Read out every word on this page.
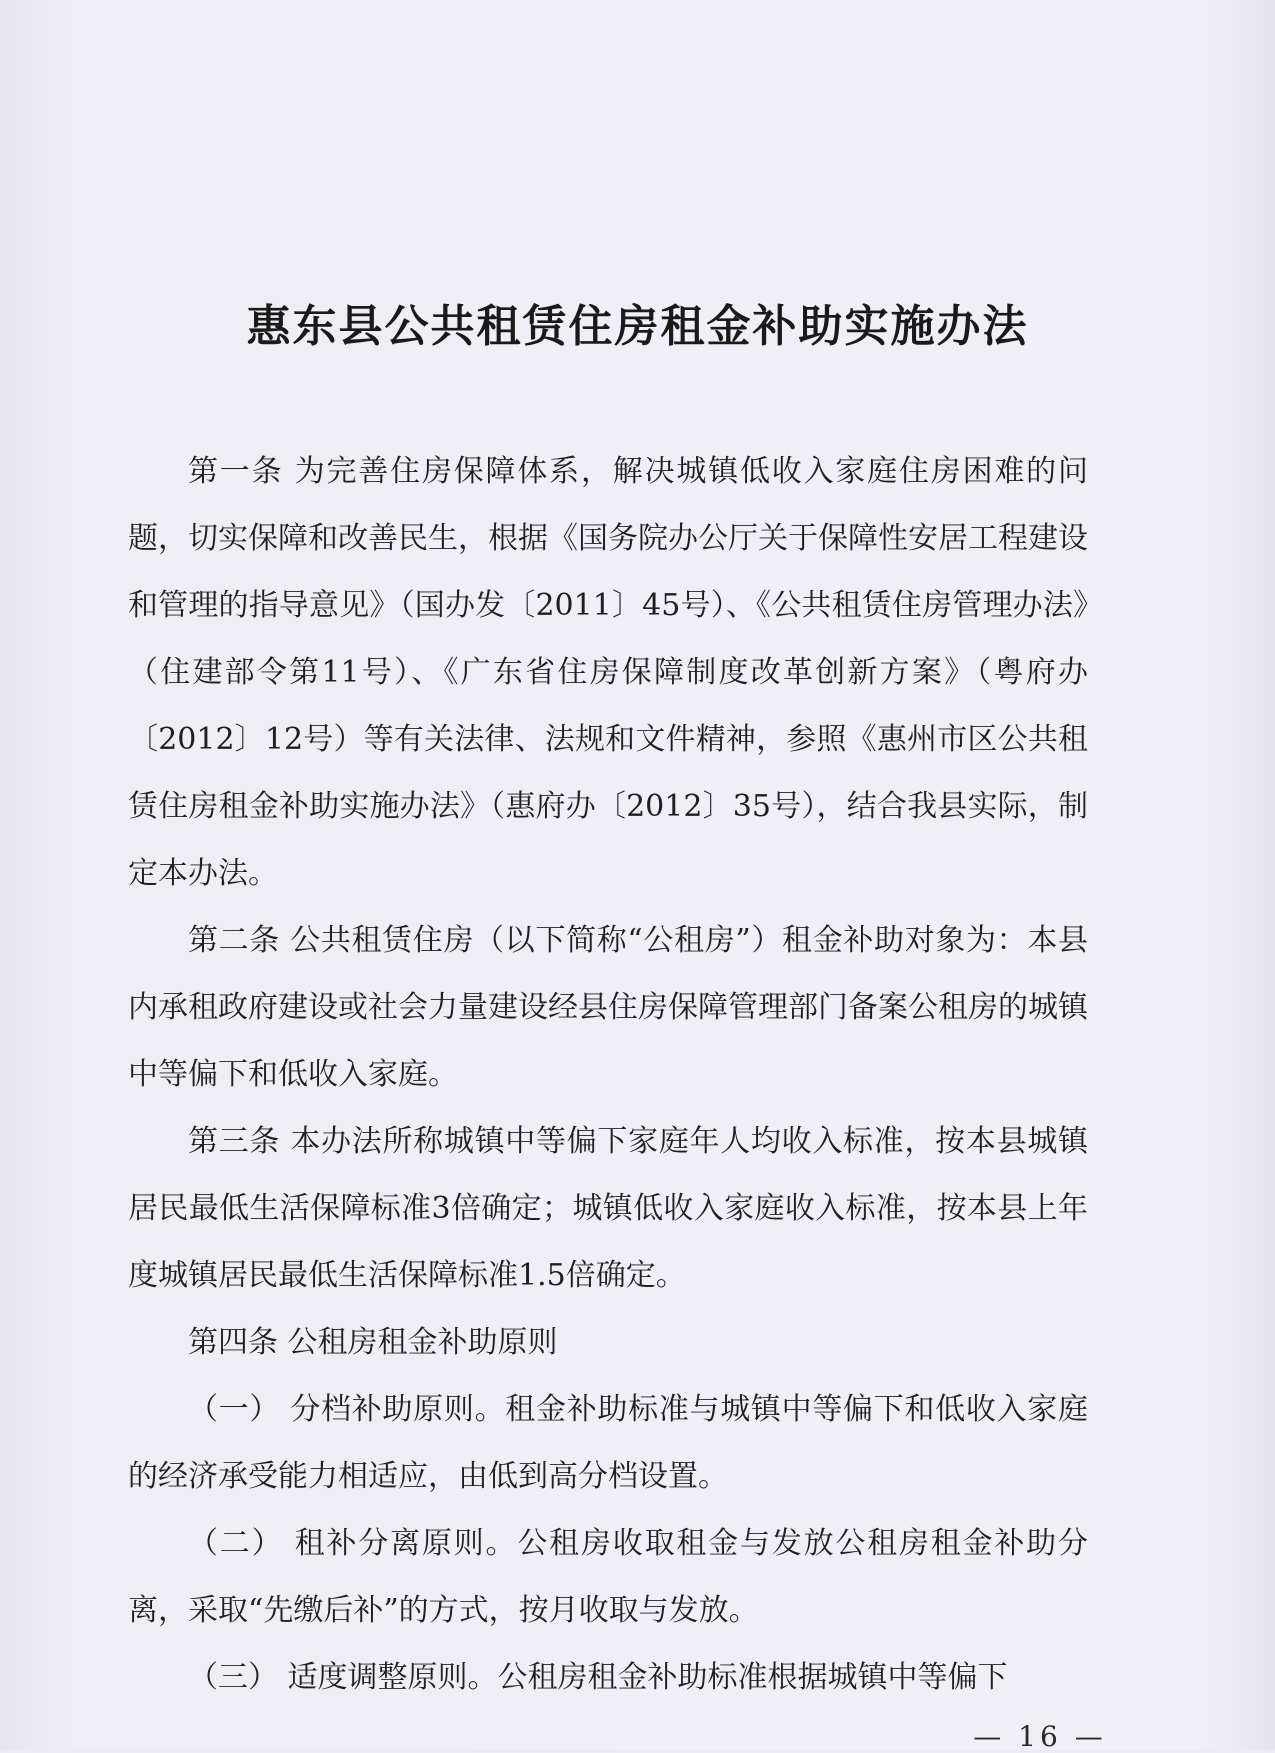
惠东县公共租赁住房租金补助实施办法

第一条 为完善住房保障体系，解决城镇低收入家庭住房困难的问题，切实保障和改善民生，根据《国务院办公厅关于保障性安居工程建设和管理的指导意见》（国办发〔2011〕45号）、《公共租赁住房管理办法》（住建部令第11号）、《广东省住房保障制度改革创新方案》（粤府办〔2012〕12号）等有关法律、法规和文件精神，参照《惠州市区公共租赁住房租金补助实施办法》（惠府办〔2012〕35号），结合我县实际，制定本办法。

第二条 公共租赁住房（以下简称“公租房”）租金补助对象为：本县内承租政府建设或社会力量建设经县住房保障管理部门备案公租房的城镇中等偏下和低收入家庭。

第三条 本办法所称城镇中等偏下家庭年人均收入标准，按本县城镇居民最低生活保障标准3倍确定；城镇低收入家庭收入标准，按本县上年度城镇居民最低生活保障标准1.5倍确定。

第四条 公租房租金补助原则

（一） 分档补助原则。租金补助标准与城镇中等偏下和低收入家庭的经济承受能力相适应，由低到高分档设置。

（二） 租补分离原则。公租房收取租金与发放公租房租金补助分离，采取“先缴后补”的方式，按月收取与发放。

（三） 适度调整原则。公租房租金补助标准根据城镇中等偏下

— 16 —
